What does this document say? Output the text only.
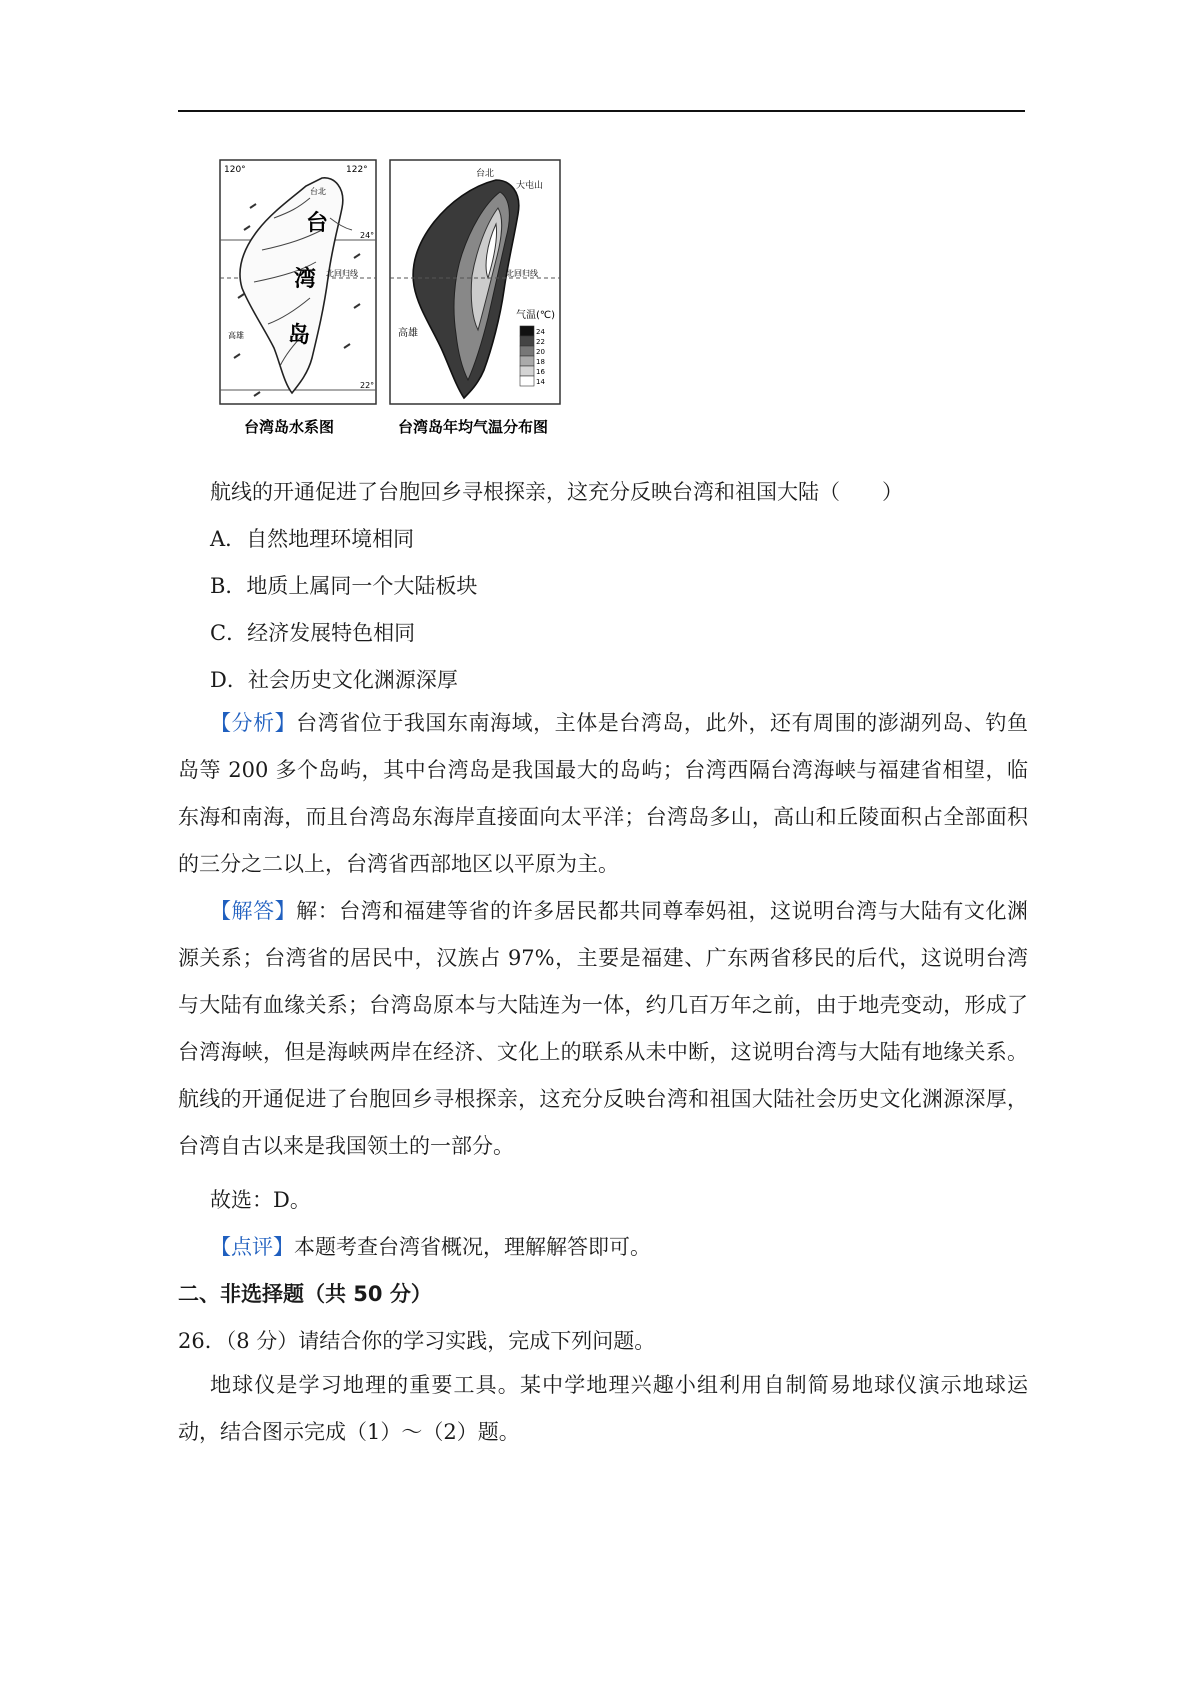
120°	122°
24°
22°
台
湾
岛
北回归线
高雄
台北
24
22
20
18
16
14
气温(℃)
台北
大屯山
北回归线
高雄
台湾岛水系图	台湾岛年均气温分布图
航线的开通促进了台胞回乡寻根探亲，这充分反映台湾和祖国大陆（　　）
A．自然地理环境相同
B．地质上属同一个大陆板块
C．经济发展特色相同
D．社会历史文化渊源深厚
【分析】台湾省位于我国东南海域，主体是台湾岛，此外，还有周围的澎湖列岛、钓鱼岛等 200 多个岛屿，其中台湾岛是我国最大的岛屿；台湾西隔台湾海峡与福建省相望，临东海和南海，而且台湾岛东海岸直接面向太平洋；台湾岛多山，高山和丘陵面积占全部面积的三分之二以上，台湾省西部地区以平原为主。
【解答】解：台湾和福建等省的许多居民都共同尊奉妈祖，这说明台湾与大陆有文化渊源关系；台湾省的居民中，汉族占 97%，主要是福建、广东两省移民的后代，这说明台湾与大陆有血缘关系；台湾岛原本与大陆连为一体，约几百万年之前，由于地壳变动，形成了台湾海峡，但是海峡两岸在经济、文化上的联系从未中断，这说明台湾与大陆有地缘关系。航线的开通促进了台胞回乡寻根探亲，这充分反映台湾和祖国大陆社会历史文化渊源深厚，台湾自古以来是我国领土的一部分。
故选：D。
【点评】本题考查台湾省概况，理解解答即可。
二、非选择题（共 50 分）
26．（8 分）请结合你的学习实践，完成下列问题。
地球仪是学习地理的重要工具。某中学地理兴趣小组利用自制简易地球仪演示地球运动，结合图示完成（1）～（2）题。
